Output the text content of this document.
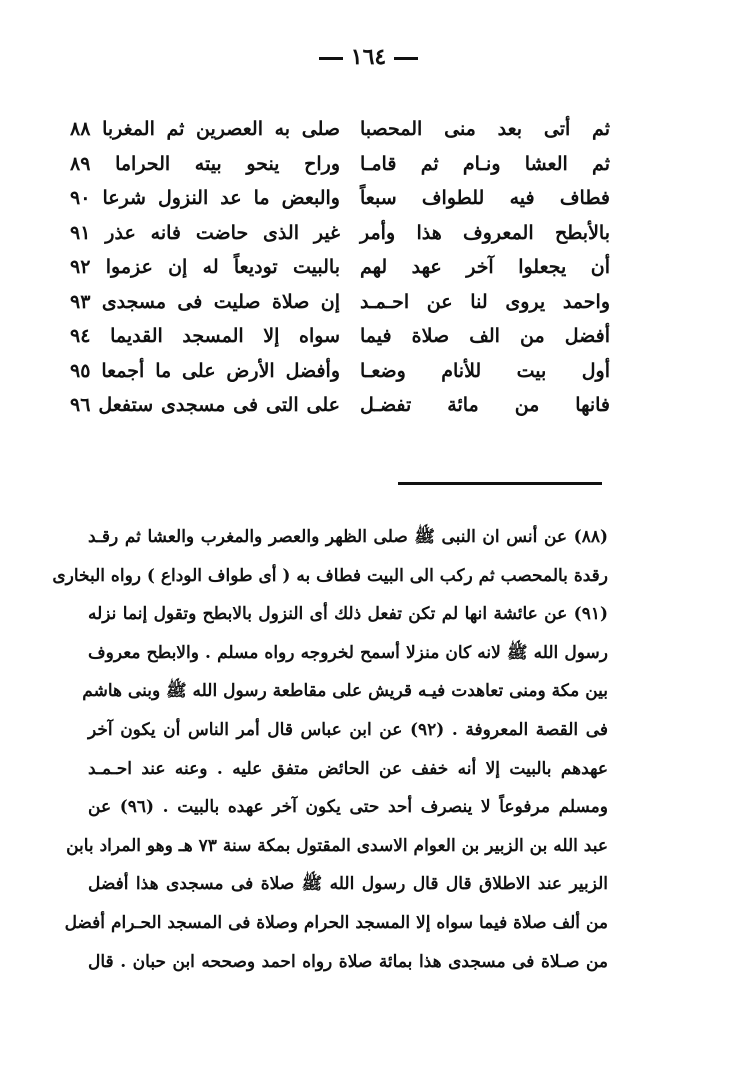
١٦٤
ثم أتى بعد منى المحصبا
صلى به العصرين ثم المغربا ٨٨
ثم العشا ونـام ثم قامـا
وراح ينحو بيته الحراما ٨٩
فطاف فيه للطواف سبعاً
والبعض ما عد النزول شرعا ٩٠
بالأبطح المعروف هذا وأمر
غير الذى حاضت فانه عذر ٩١
أن يجعلوا آخر عهد لهم
بالبيت توديعاً له إن عزموا ٩٢
واحمد يروى لنا عن احـمـد
إن صلاة صليت فى مسجدى ٩٣
أفضل من الف صلاة فيما
سواه إلا المسجد القديما ٩٤
أول بيت للأنام وضعـا
وأفضل الأرض على ما أجمعا ٩٥
فانها من مائة تفضـل
على التى فى مسجدى ستفعل ٩٦
(٨٨) عن أنس ان النبى ﷺ صلى الظهر والعصر والمغرب والعشا ثم رقـد
رقدة بالمحصب ثم ركب الى البيت فطاف به ( أى طواف الوداع ) رواه البخارى
(٩١) عن عائشة انها لم تكن تفعل ذلك أى النزول بالابطح وتقول إنما نزله
رسول الله ﷺ لانه كان منزلا أسمح لخروجه رواه مسلم . والابطح معروف
بين مكة ومنى تعاهدت فيـه قريش على مقاطعة رسول الله ﷺ وبنى هاشم
فى القصة المعروفة . (٩٢) عن ابن عباس قال أمر الناس أن يكون آخر
عهدهم بالبيت إلا أنه خفف عن الحائض متفق عليه . وعنه عند احـمـد
ومسلم مرفوعاً لا ينصرف أحد حتى يكون آخر عهده بالبيت . (٩٦) عن
عبد الله بن الزبير بن العوام الاسدى المقتول بمكة سنة ٧٣ هـ وهو المراد بابن
الزبير عند الاطلاق قال قال رسول الله ﷺ صلاة فى مسجدى هذا أفضل
من ألف صلاة فيما سواه إلا المسجد الحرام وصلاة فى المسجد الحـرام أفضل
من صـلاة فى مسجدى هذا بمائة صلاة رواه احمد وصححه ابن حبان . قال
